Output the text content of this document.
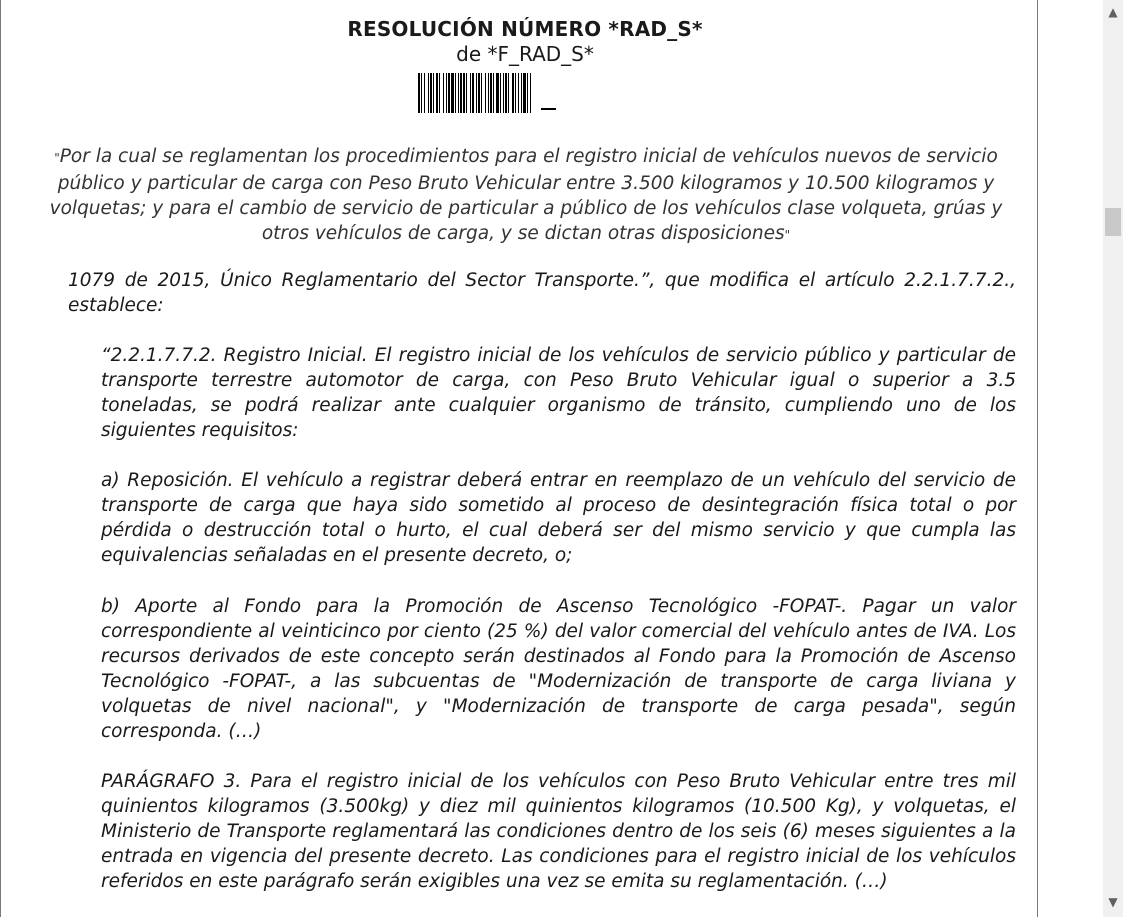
RESOLUCIÓN NÚMERO *RAD_S*
de *F_RAD_S*
"Por la cual se reglamentan los procedimientos para el registro inicial de vehículos nuevos de servicio público y particular de carga con Peso Bruto Vehicular entre 3.500 kilogramos y 10.500 kilogramos y volquetas; y para el cambio de servicio de particular a público de los vehículos clase volqueta, grúas y otros vehículos de carga, y se dictan otras disposiciones"
1079 de 2015, Único Reglamentario del Sector Transporte.”, que modifica el artículo 2.2.1.7.7.2., establece:
“2.2.1.7.7.2. Registro Inicial. El registro inicial de los vehículos de servicio público y particular de transporte terrestre automotor de carga, con Peso Bruto Vehicular igual o superior a 3.5 toneladas, se podrá realizar ante cualquier organismo de tránsito, cumpliendo uno de los siguientes requisitos:
a) Reposición. El vehículo a registrar deberá entrar en reemplazo de un vehículo del servicio de transporte de carga que haya sido sometido al proceso de desintegración física total o por pérdida o destrucción total o hurto, el cual deberá ser del mismo servicio y que cumpla las equivalencias señaladas en el presente decreto, o;
b) Aporte al Fondo para la Promoción de Ascenso Tecnológico -FOPAT-. Pagar un valor correspondiente al veinticinco por ciento (25 %) del valor comercial del vehículo antes de IVA. Los recursos derivados de este concepto serán destinados al Fondo para la Promoción de Ascenso Tecnológico -FOPAT-, a las subcuentas de "Modernización de transporte de carga liviana y volquetas de nivel nacional", y "Modernización de transporte de carga pesada", según corresponda. (…)
PARÁGRAFO 3. Para el registro inicial de los vehículos con Peso Bruto Vehicular entre tres mil quinientos kilogramos (3.500kg) y diez mil quinientos kilogramos (10.500 Kg), y volquetas, el Ministerio de Transporte reglamentará las condiciones dentro de los seis (6) meses siguientes a la entrada en vigencia del presente decreto. Las condiciones para el registro inicial de los vehículos referidos en este parágrafo serán exigibles una vez se emita su reglamentación. (…)
▲
▼
